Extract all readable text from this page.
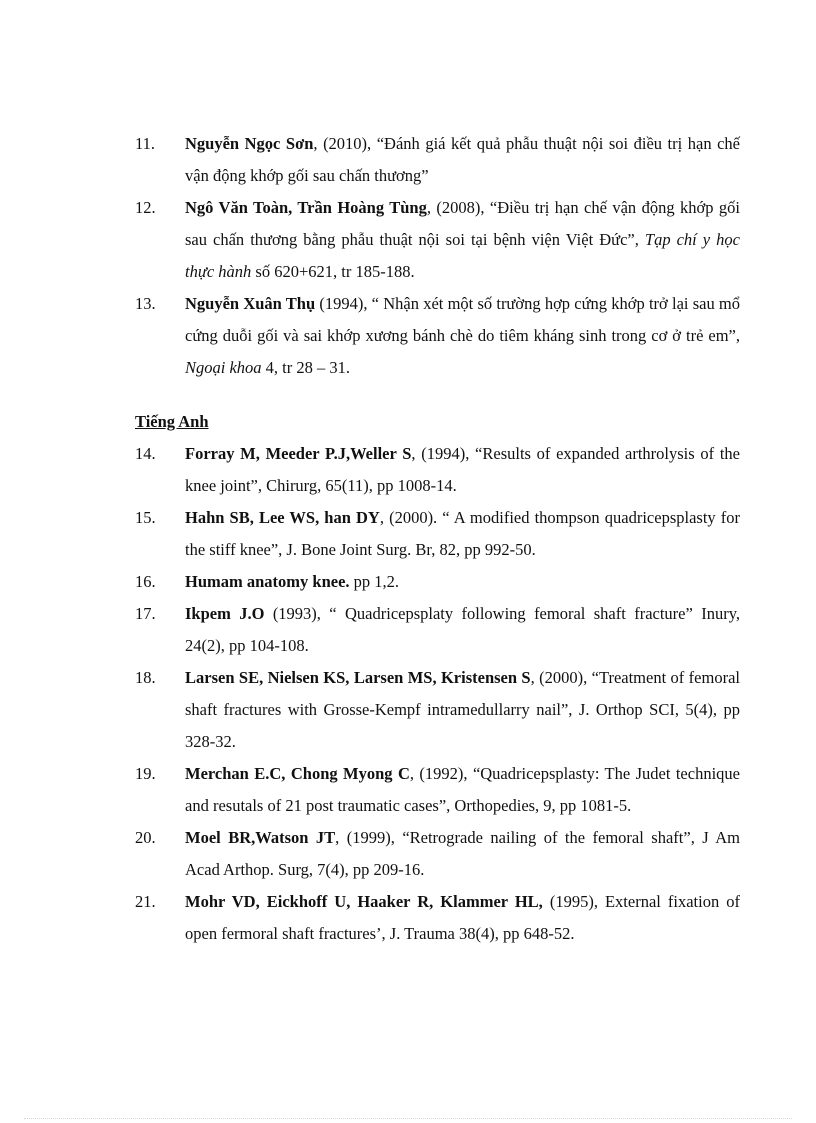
11.	Nguyễn Ngọc Sơn, (2010), “Đánh giá kết quả phẫu thuật nội soi điều trị hạn chế vận động khớp gối sau chấn thương”
12.	Ngô Văn Toàn, Trần Hoàng Tùng, (2008), “Điều trị hạn chế vận động khớp gối sau chấn thương bằng phẫu thuật nội soi tại bệnh viện Việt Đức”, Tạp chí y học thực hành số 620+621, tr 185-188.
13.	Nguyễn Xuân Thụ (1994), “ Nhận xét một số trường hợp cứng khớp trở lại sau mổ cứng duỗi gối và sai khớp xương bánh chè do tiêm kháng sinh trong cơ ở trẻ em”, Ngoại khoa 4, tr 28 – 31.
Tiếng Anh
14.	Forray M, Meeder P.J,Weller S, (1994), “Results of expanded arthrolysis of the knee joint”, Chirurg, 65(11), pp 1008-14.
15.	Hahn SB, Lee WS, han DY, (2000). “ A modified thompson quadricepsplasty for the stiff knee”, J. Bone Joint Surg. Br, 82, pp 992-50.
16.	Humam anatomy knee. pp 1,2.
17.	Ikpem J.O (1993), “ Quadricepsplaty following femoral shaft fracture” Inury, 24(2), pp 104-108.
18.	Larsen SE, Nielsen KS, Larsen MS, Kristensen S, (2000), “Treatment of femoral shaft fractures with Grosse-Kempf intramedullarry nail”, J. Orthop SCI, 5(4), pp 328-32.
19.	Merchan E.C, Chong Myong C, (1992), “Quadricepsplasty: The Judet technique and resutals of 21 post traumatic cases”, Orthopedies, 9, pp 1081-5.
20.	Moel BR,Watson JT, (1999), “Retrograde nailing of the femoral shaft”, J Am Acad Arthop. Surg, 7(4), pp 209-16.
21.	Mohr VD, Eickhoff U, Haaker R, Klammer HL, (1995), External fixation of open fermoral shaft fractures’, J. Trauma 38(4), pp 648-52.
